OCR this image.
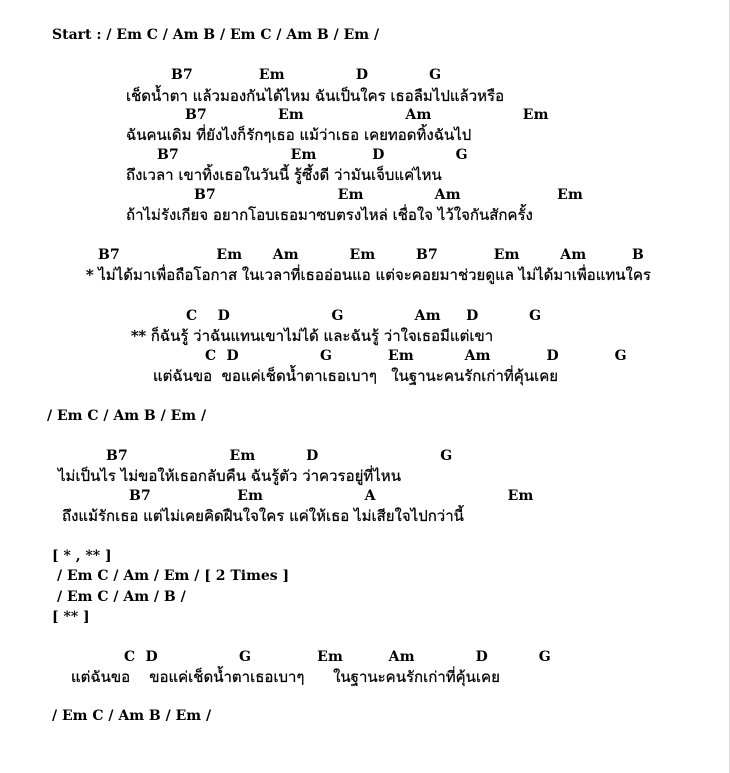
Start : / Em C / Am B / Em C / Am B / Em /
B7             Em              D            G
เช็ดน้ำตา แล้วมองกันได้ไหม ฉันเป็นใคร เธอลืมไปแล้วหรือ
B7              Em                    Am                  Em
ฉันคนเดิม ที่ยังไงก็รักๆเธอ แม้ว่าเธอ เคยทอดทิ้งฉันไป
B7                      Em           D              G
ถึงเวลา เขาทิ้งเธอในวันนี้ รู้ซึ้งดี ว่ามันเจ็บแค่ไหน
B7                        Em              Am                   Em
ถ้าไม่รังเกียจ อยากโอบเธอมาซบตรงไหล่ เชื่อใจ ไว้ใจกันสักครั้ง
B7                   Em      Am          Em        B7           Em        Am         B
* ไม่ได้มาเพื่อถือโอกาส ในเวลาที่เธออ่อนแอ แต่จะคอยมาช่วยดูแล ไม่ได้มาเพื่อแทนใคร
C    D                    G              Am     D          G
** ก็ฉันรู้ ว่าฉันแทนเขาไม่ได้ และฉันรู้ ว่าใจเธอมีแต่เขา
C  D                G           Em          Am           D           G
แต่ฉันขอ  ขอแค่เช็ดน้ำตาเธอเบาๆ   ในฐานะคนรักเก่าที่คุ้นเคย
/ Em C / Am B / Em /
B7                    Em          D                        G
ไม่เป็นไร ไม่ขอให้เธอกลับคืน ฉันรู้ตัว ว่าควรอยู่ที่ไหน
B7                 Em                    A                          Em
ถึงแม้รักเธอ แต่ไม่เคยคิดฝืนใจใคร แค่ให้เธอ ไม่เสียใจไปกว่านี้
[ * , ** ]
/ Em C / Am / Em / [ 2 Times ]
/ Em C / Am / B /
[ ** ]
C  D                G             Em         Am            D          G
แต่ฉันขอ    ขอแค่เช็ดน้ำตาเธอเบาๆ      ในฐานะคนรักเก่าที่คุ้นเคย
/ Em C / Am B / Em /
